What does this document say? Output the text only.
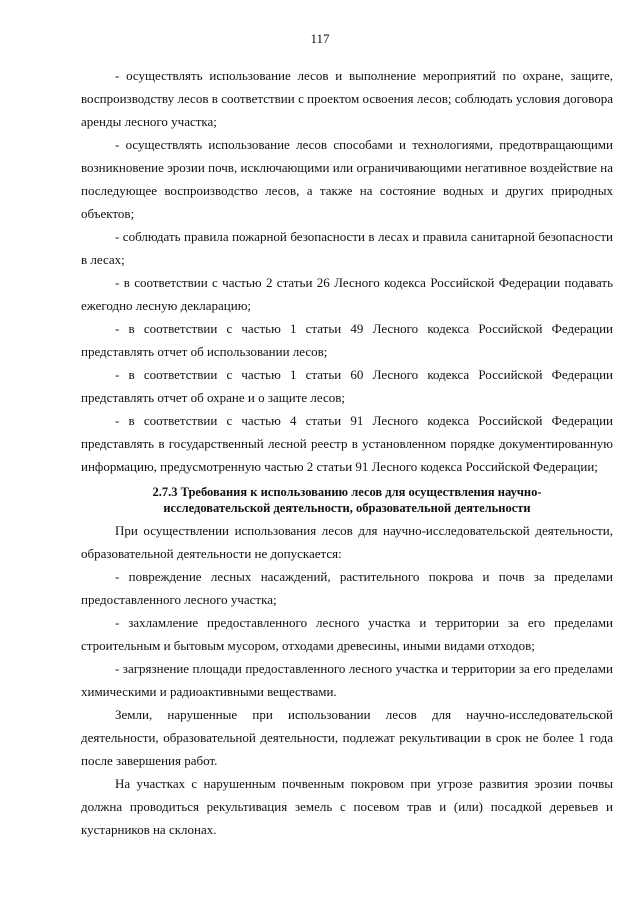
117

- осуществлять использование лесов и выполнение мероприятий по охране, защите, воспроизводству лесов в соответствии с проектом освоения лесов; соблюдать условия договора аренды лесного участка;

- осуществлять использование лесов способами и технологиями, предотвращающими возникновение эрозии почв, исключающими или ограничивающими негативное воздействие на последующее воспроизводство лесов, а также на состояние водных и других природных объектов;

- соблюдать правила пожарной безопасности в лесах и правила санитарной безопасности в лесах;

- в соответствии с частью 2 статьи 26 Лесного кодекса Российской Федерации подавать ежегодно лесную декларацию;

- в соответствии с частью 1 статьи 49 Лесного кодекса Российской Федерации представлять отчет об использовании лесов;

- в соответствии с частью 1 статьи 60 Лесного кодекса Российской Федерации представлять отчет об охране и о защите лесов;

- в соответствии с частью 4 статьи 91 Лесного кодекса Российской Федерации представлять в государственный лесной реестр в установленном порядке документированную информацию, предусмотренную частью 2 статьи 91 Лесного кодекса Российской Федерации;

2.7.3 Требования к использованию лесов для осуществления научно-исследовательской деятельности, образовательной деятельности

При осуществлении использования лесов для научно-исследовательской деятельности, образовательной деятельности не допускается:

- повреждение лесных насаждений, растительного покрова и почв за пределами предоставленного лесного участка;

- захламление предоставленного лесного участка и территории за его пределами строительным и бытовым мусором, отходами древесины, иными видами отходов;

- загрязнение площади предоставленного лесного участка и территории за его пределами химическими и радиоактивными веществами.

Земли, нарушенные при использовании лесов для научно-исследовательской деятельности, образовательной деятельности, подлежат рекультивации в срок не более 1 года после завершения работ.

На участках с нарушенным почвенным покровом при угрозе развития эрозии почвы должна проводиться рекультивация земель с посевом трав и (или) посадкой деревьев и кустарников на склонах.
